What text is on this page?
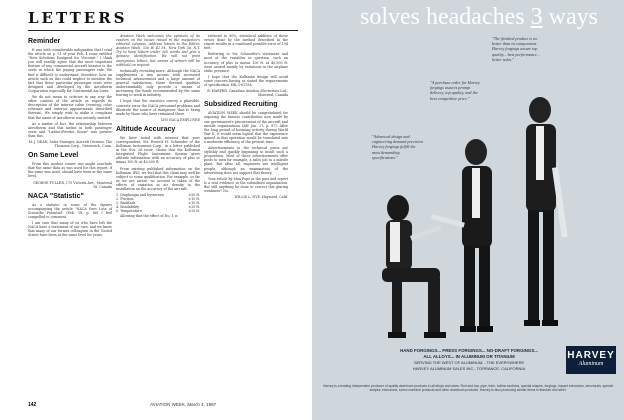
LETTERS
Reminder

It was with considerable indignation that I read the article on p. 51 of your Feb. 4 issue entitled "New Solutions Designed for Viscount." I think you will readily agree that the most important feature of any commercial aircraft interior is the seats in which the paying passengers ride. We find it difficult to understand, therefore, how an article such as this could neglect to mention the fact that these particular passenger seats were designed and developed by the Aerotherm Corporation especially for Continental Air Lines.

We do not mean to criticize in any way the other content of the article as regards its description of the interior cabin (evening, color schemes and exterior appointments described therein). We simply wish to make a complaint that the name of Aerotherm was entirely omitted.

As a matter of fact, the relationship between Aerotherm and this airline in both passenger seats and "Ladies'/Powder Room" was greater than this.

M. J. DEAN, Sales Manager, Aircraft Division, The Thomson Corp., Greenwich, Conn.

On Same Level

From this modest corner one might conclude that the same data as was used for this report, if the same was used, should have been at the same level.

GEORGE FULLER, 170 Victoria Ave., Montreal 16, Canada

NACA "Statistic"

As a statistic in some of the figures accompanying the article "NACA Sees Loss of Scientific Potential" (Feb. 18, p. 86) I feel compelled to comment.

I am sure that many of us who have left the NACA have a statement of our own, and we know that many of our former colleagues in the United States have been at the same level for years.

Aviation Week welcomes the opinions of its readers on the issues raised in the magazine's editorial columns. Address letters to the Editor, Aviation Week, 330 W. 42 St., New York 36, N.Y. Try to keep letters under 500 words and give a genuine identification. We will not print anonymous letters, but names of writers will be withheld on request.

technically revealing more. Although the NACA supplements a tiny income with increased technical advancement and a large amount of general satisfaction, these devoted qualities understandably only provide a means of increasing the funds recommended by the same leaving to work in industry.

I hope that the statistics convey a plausible, concrete error the NACA personnel problems and illustrate the source of manpower that is being made by those who have remained there.

LYN NACA EMPLOYEE

Altitude Accuracy

We have noted with interest that your correspondent, Mr. Everett H. Schneider of the Kollsman Instrument Corp., in a letter published in the Nov. 26 issue, claims that the Kollsman Integrated Flight Instrument System gives altitude information with an accuracy of plus or minus 100 ft. at 40,000 ft.

From existing published information on the Kollsman IFIS, we feel that this claim may well be subject to some qualification. For example, so far as we are aware, no account is taken of the effects of variation in air density in the installation on the accuracy of the aircraft.

1. Diaphragm and hysteresis	±50 ft.
2. Friction	±10 ft.
3. Backlash	±10 ft.
4. Readability	±20 ft.
5. Temperature	±20 ft.

Allowing that the effect of No. 1 is

reduced to 90%, statistical addition of these errors done by the method described in the report results in a combined possible error of 194 feet.

Referring to Mr. Schneider's statement and most of the variables in question, such an accuracy of plus or minus 100 ft. at 40,000 ft. were caused mainly by variations in the airplane static pressure.

I hope that the Kollsman design will avoid some concern having as stated the requirements of specification MIL-I-6115A.

R. HARPER, Canadian Aviation Electronics Ltd., Montreal, Canada

Subsidized Recruiting

AVIATION WEEK should be congratulated for exposing the famous contribution now made by our government's procurement of the aircraft and missile organizations (AW Jan. 21, p. 87). After the long period of booming activity during World War II, it would seem logical that the experience gained in that operation would be translated into a moderate efficiency of the present time.

Advertisements in the technical press are stylishly and quickly beginning to insult such a proposition. Most of these advertisements offer posts to men for example, a sales job in a missile plant. But after all, engineers are intelligent people, although an examination of the advertising does not support that theory.

Your article by Max Pope in the past and report is a real evidence in the subsidized organization. But still anything be done to correct this glaring weakness? No.

WILLIS L. NYE, Hayward, Calif.

142	AVIATION WEEK, March 4, 1957
solves headaches 3 ways
"Advanced design and engineering demand precision Harvey forgings fulfill the most demanding specifications."
"A purchase order for Harvey forgings assures prompt delivery, top quality, and the best competitive price."
"The finished product is no better than its components. Harvey forgings assure top quality... best performance... better sales."
HAND FORGINGS... PRESS FORGINGS... NO-DRAFT FORGINGS...
ALL ALLOYS... IN ALUMINUM OR TITANIUM
SERVING THE WEST OF ALUMINUM... THE EVERYWHERE
HARVEY ALUMINUM SALES INC., TORRANCE, CALIFORNIA
HARVEY
Aluminum
Harvey is a leading independent producer of quality aluminum products in all alloys and sizes: Rod and bar, pipe, tube, hollow sections, special shapes, forgings, impact extrusions, structurals, special shapes, extrusions, screw machine products and other aluminum products. Harvey is also producing similar items in titanium and steel.
